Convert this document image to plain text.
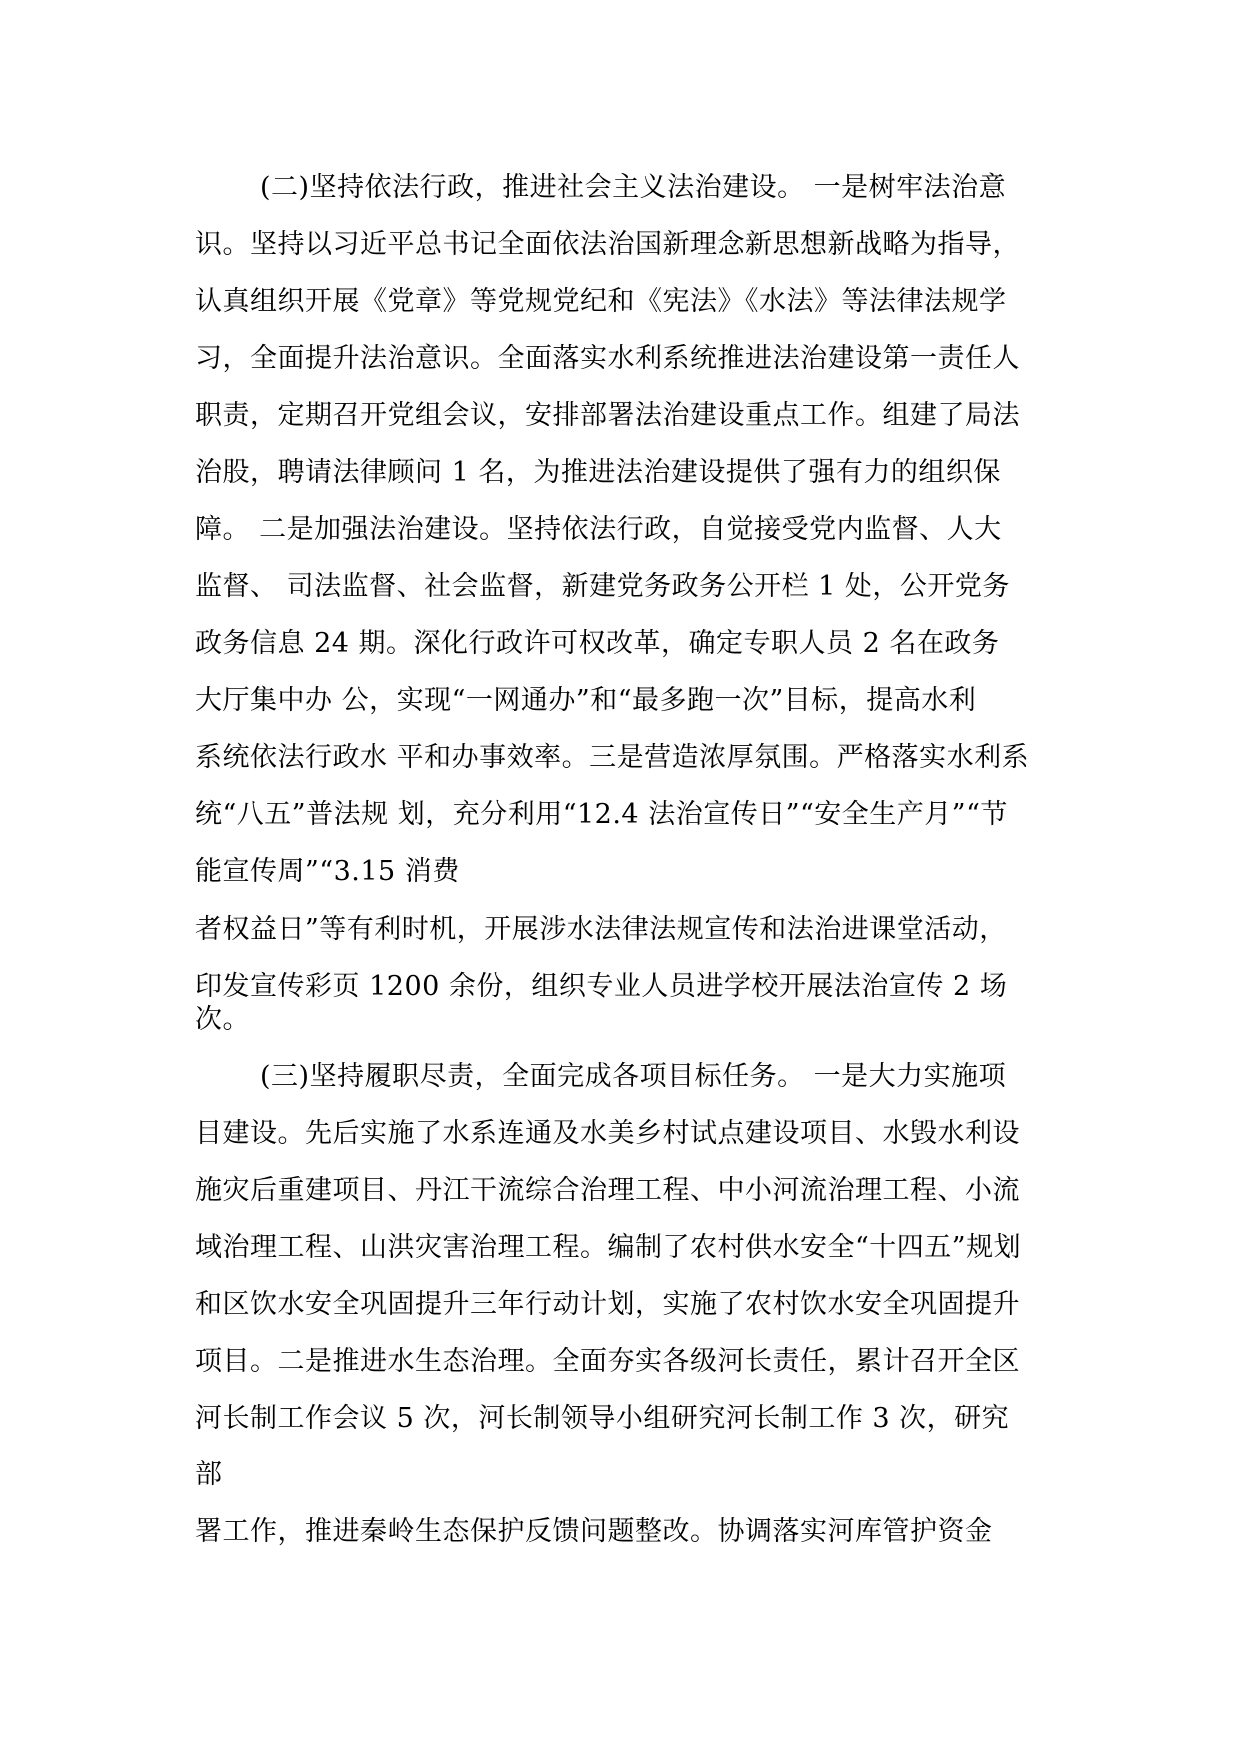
(二)坚持依法行政，推进社会主义法治建设。 一是树牢法治意

识。坚持以习近平总书记全面依法治国新理念新思想新战略为指导，

认真组织开展《党章》等党规党纪和《宪法》《水法》等法律法规学

习，全面提升法治意识。全面落实水利系统推进法治建设第一责任人

职责，定期召开党组会议，安排部署法治建设重点工作。组建了局法

治股，聘请法律顾问 1 名，为推进法治建设提供了强有力的组织保

障。 二是加强法治建设。坚持依法行政，自觉接受党内监督、人大

监督、 司法监督、社会监督，新建党务政务公开栏 1 处，公开党务

政务信息 24 期。深化行政许可权改革，确定专职人员 2 名在政务

大厅集中办 公，实现“一网通办”和“最多跑一次”目标，提高水利

系统依法行政水 平和办事效率。三是营造浓厚氛围。严格落实水利系

统“八五”普法规 划，充分利用“12.4 法治宣传日”“安全生产月”“节

能宣传周”“3.15 消费

者权益日”等有利时机，开展涉水法律法规宣传和法治进课堂活动，

印发宣传彩页 1200 余份，组织专业人员进学校开展法治宣传 2 场

次。

(三)坚持履职尽责，全面完成各项目标任务。 一是大力实施项

目建设。先后实施了水系连通及水美乡村试点建设项目、水毁水利设

施灾后重建项目、丹江干流综合治理工程、中小河流治理工程、小流

域治理工程、山洪灾害治理工程。编制了农村供水安全“十四五”规划

和区饮水安全巩固提升三年行动计划，实施了农村饮水安全巩固提升

项目。二是推进水生态治理。全面夯实各级河长责任，累计召开全区

河长制工作会议 5 次，河长制领导小组研究河长制工作 3 次，研究

部

署工作，推进秦岭生态保护反馈问题整改。协调落实河库管护资金
